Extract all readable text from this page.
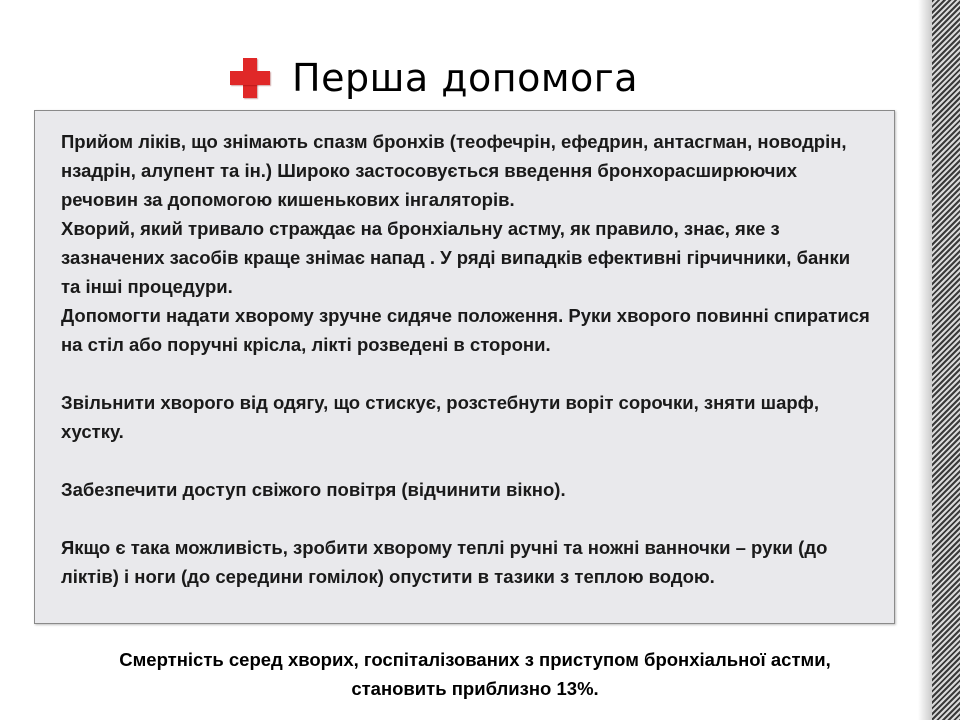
Перша допомога

Прийом ліків, що знімають спазм бронхів (теофечрін, ефедрин, антасгман, новодрін, нзадрін, алупент та ін.) Широко застосовується введення бронхорасширюючих речовин за допомогою кишенькових інгаляторів.

Хворий, який тривало страждає на бронхіальну астму, як правило, знає, яке з зазначених засобів краще знімає напад . У ряді випадків ефективні гірчичники, банки та інші процедури.

Допомогти надати хворому зручне сидяче положення. Руки хворого повинні спиратися на стіл або поручні крісла, лікті розведені в сторони.

Звільнити хворого від одягу, що стискує, розстебнути воріт сорочки, зняти шарф, хустку.

Забезпечити доступ свіжого повітря (відчинити вікно).

Якщо є така можливість, зробити хворому теплі ручні та ножні ванночки – руки (до ліктів) і ноги (до середини гомілок) опустити в тазики з теплою водою.

Смертність серед хворих, госпіталізованих з приступом бронхіальної астми,
становить приблизно 13%.
